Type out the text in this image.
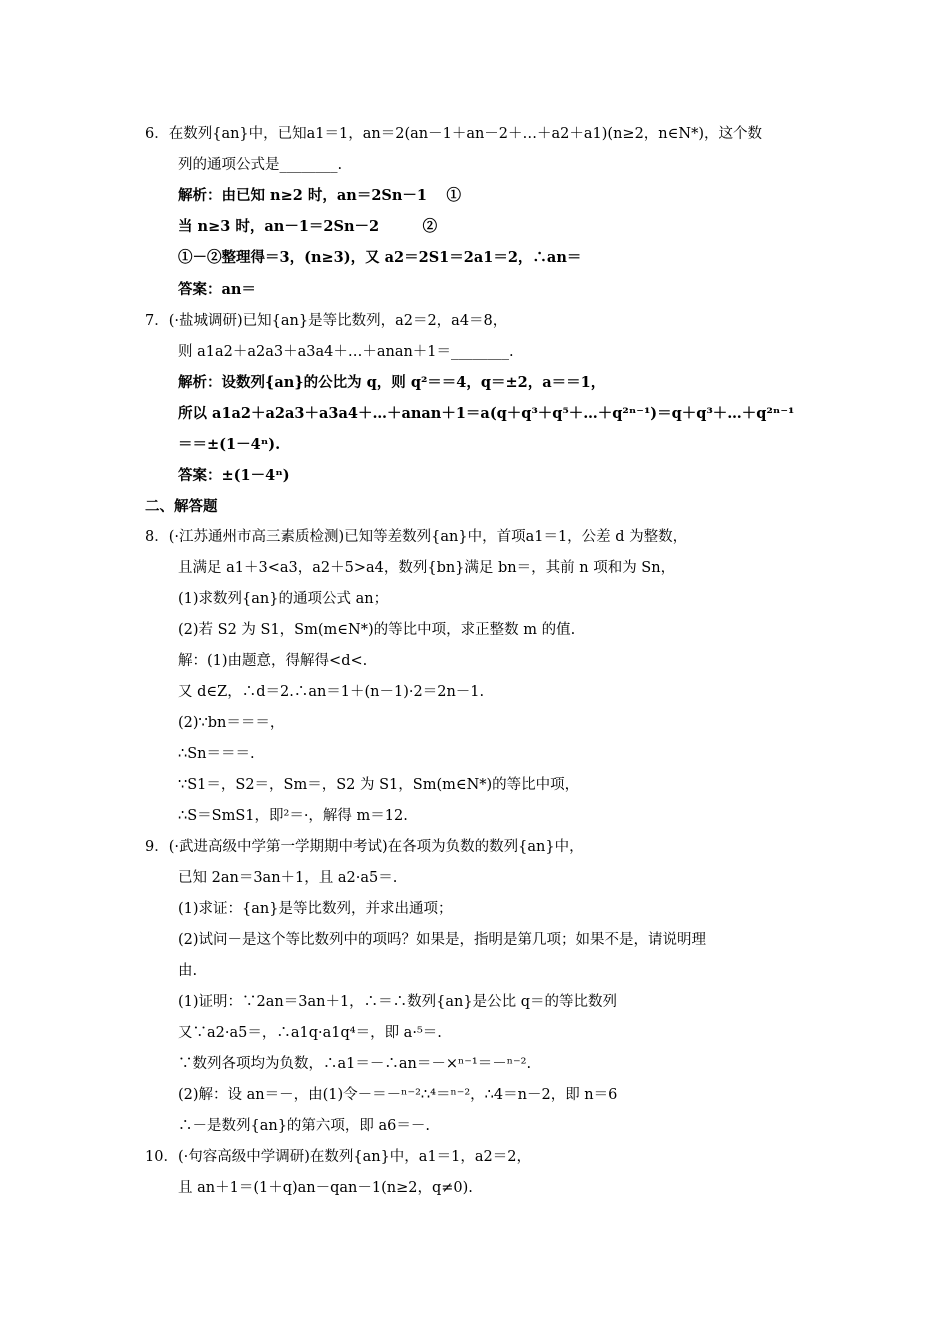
6．在数列{an}中，已知a1＝1，an＝2(an－1＋an－2＋…＋a2＋a1)(n≥2，n∈N*)，这个数
列的通项公式是________.
解析：由已知 n≥2 时，an＝2Sn－1　 ①
当 n≥3 时，an－1＝2Sn－2　　　②
①－②整理得＝3，(n≥3)，又 a2＝2S1＝2a1＝2，∴an＝
答案：an＝
7．(·盐城调研)已知{an}是等比数列，a2＝2，a4＝8，
则 a1a2＋a2a3＋a3a4＋…＋anan＋1＝________.
解析：设数列{an}的公比为 q，则 q²＝＝4，q＝±2，a＝＝1，
所以 a1a2＋a2a3＋a3a4＋…＋anan＋1＝a(q＋q³＋q⁵＋…＋q²ⁿ⁻¹)＝q＋q³＋…＋q²ⁿ⁻¹
＝＝±(1－4ⁿ).
答案：±(1－4ⁿ)
二、解答题
8．(·江苏通州市高三素质检测)已知等差数列{an}中，首项a1＝1，公差 d 为整数，
且满足 a1＋3<a3，a2＋5>a4，数列{bn}满足 bn＝，其前 n 项和为 Sn，
(1)求数列{an}的通项公式 an；
(2)若 S2 为 S1，Sm(m∈N*)的等比中项，求正整数 m 的值.
解：(1)由题意，得解得<d<.
又 d∈Z，∴d＝2.∴an＝1＋(n－1)·2＝2n－1.
(2)∵bn＝＝＝，
∴Sn＝＝＝.
∵S1＝，S2＝，Sm＝，S2 为 S1，Sm(m∈N*)的等比中项，
∴S＝SmS1，即²＝·，解得 m＝12.
9．(·武进高级中学第一学期期中考试)在各项为负数的数列{an}中，
已知 2an＝3an＋1，且 a2·a5＝.
(1)求证：{an}是等比数列，并求出通项；
(2)试问－是这个等比数列中的项吗？如果是，指明是第几项；如果不是，请说明理
由.
(1)证明：∵2an＝3an＋1，∴＝∴数列{an}是公比 q＝的等比数列
又∵a2·a5＝，∴a1q·a1q⁴＝，即 a·⁵＝.
∵数列各项均为负数，∴a1＝－∴an＝－×ⁿ⁻¹＝－ⁿ⁻².
(2)解：设 an＝－，由(1)令－＝－ⁿ⁻²∴⁴＝ⁿ⁻²，∴4＝n－2，即 n＝6
∴－是数列{an}的第六项，即 a6＝－.
10．(·句容高级中学调研)在数列{an}中，a1＝1，a2＝2，
且 an＋1＝(1＋q)an－qan－1(n≥2，q≠0).
